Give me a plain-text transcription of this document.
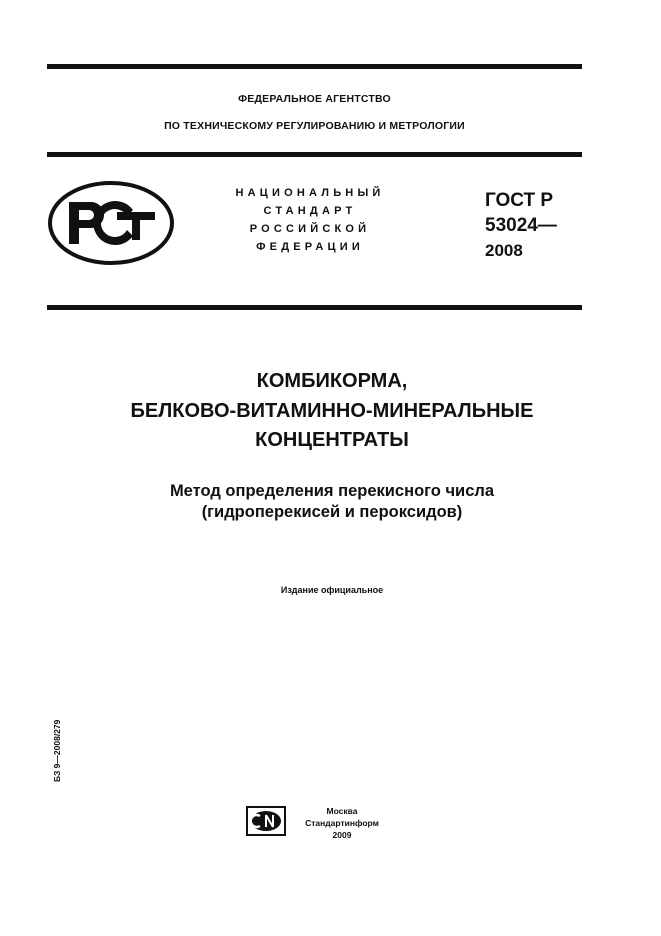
ФЕДЕРАЛЬНОЕ АГЕНТСТВО
ПО ТЕХНИЧЕСКОМУ РЕГУЛИРОВАНИЮ И МЕТРОЛОГИИ
НАЦИОНАЛЬНЫЙ
СТАНДАРТ
РОССИЙСКОЙ
ФЕДЕРАЦИИ
ГОСТ Р
53024—
2008
КОМБИКОРМА,
БЕЛКОВО-ВИТАМИННО-МИНЕРАЛЬНЫЕ
КОНЦЕНТРАТЫ
Метод определения перекисного числа
(гидроперекисей и пероксидов)
Издание официальное
БЗ 9—2008/279
Москва
Стандартинформ
2009
